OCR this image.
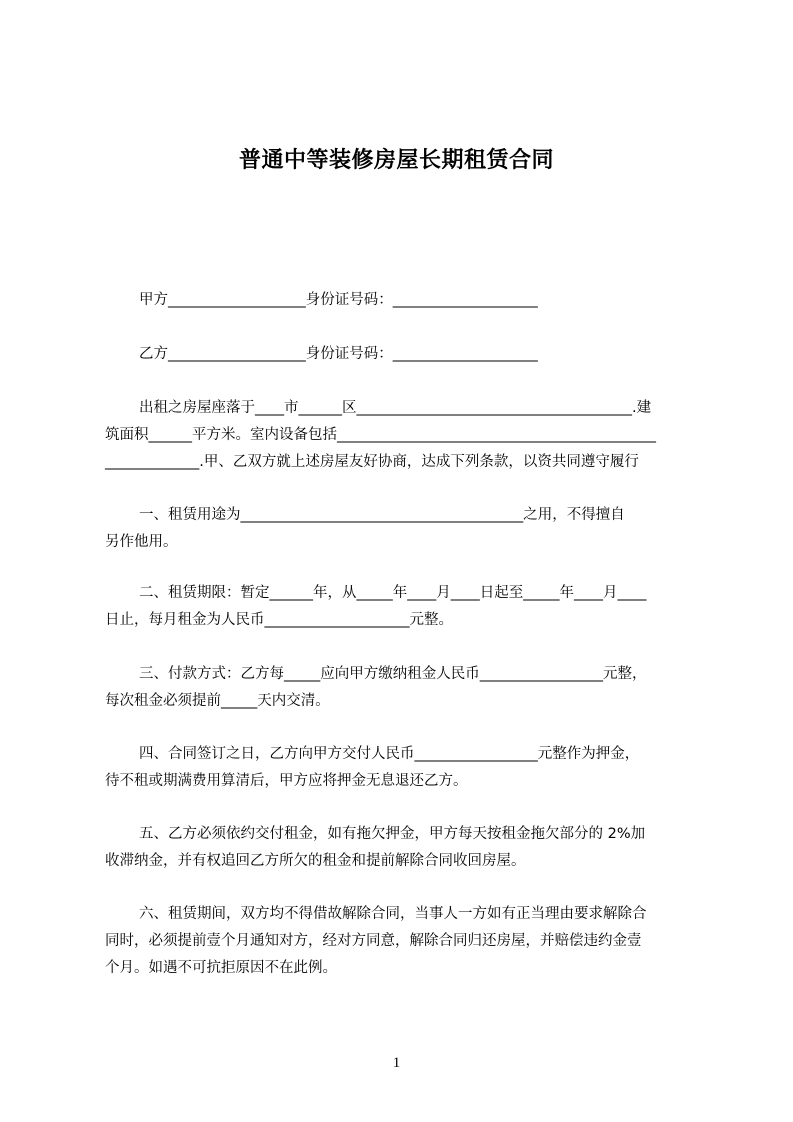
普通中等装修房屋长期租赁合同
甲方___________________身份证号码：____________________
乙方___________________身份证号码：____________________
出租之房屋座落于____市______区______________________________________.建
筑面积______平方米。室内设备包括____________________________________________
_____________.甲、乙双方就上述房屋友好协商，达成下列条款，以资共同遵守履行
一、租赁用途为_______________________________________之用，不得擅自
另作他用。
二、租赁期限：暂定______年，从_____年____月____日起至_____年____月____
日止，每月租金为人民币____________________元整。
三、付款方式：乙方每_____应向甲方缴纳租金人民币_________________元整，
每次租金必须提前_____天内交清。
四、合同签订之日，乙方向甲方交付人民币_________________元整作为押金，
待不租或期满费用算清后，甲方应将押金无息退还乙方。
五、乙方必须依约交付租金，如有拖欠押金，甲方每天按租金拖欠部分的 2%加
收滞纳金，并有权追回乙方所欠的租金和提前解除合同收回房屋。
六、租赁期间，双方均不得借故解除合同，当事人一方如有正当理由要求解除合
同时，必须提前壹个月通知对方，经对方同意，解除合同归还房屋，并赔偿违约金壹
个月。如遇不可抗拒原因不在此例。
1
